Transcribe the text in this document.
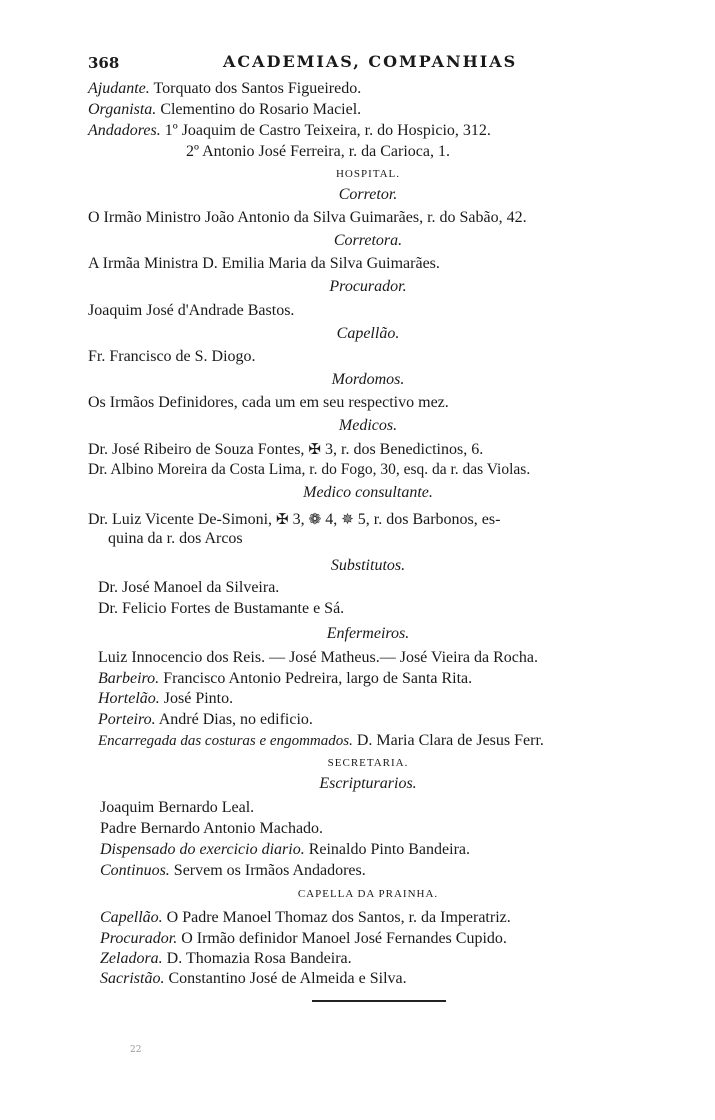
368	ACADEMIAS, COMPANHIAS
Ajudante. Torquato dos Santos Figueiredo.
Organista. Clementino do Rosario Maciel.
Andadores. 1º Joaquim de Castro Teixeira, r. do Hospicio, 312.
2º Antonio José Ferreira, r. da Carioca, 1.
HOSPITAL.
Corretor.
O Irmão Ministro João Antonio da Silva Guimarães, r. do Sabão, 42.
Corretora.
A Irmãa Ministra D. Emilia Maria da Silva Guimarães.
Procurador.
Joaquim José d'Andrade Bastos.
Capellão.
Fr. Francisco de S. Diogo.
Mordomos.
Os Irmãos Definidores, cada um em seu respectivo mez.
Medicos.
Dr. José Ribeiro de Souza Fontes, ✠ 3, r. dos Benedictinos, 6.
Dr. Albino Moreira da Costa Lima, r. do Fogo, 30, esq. da r. das Violas.
Medico consultante.
Dr. Luiz Vicente De-Simoni, ✠ 3, ❁ 4, ✵ 5, r. dos Barbonos, es-
quina da r. dos Arcos
Substitutos.
Dr. José Manoel da Silveira.
Dr. Felicio Fortes de Bustamante e Sá.
Enfermeiros.
Luiz Innocencio dos Reis. — José Matheus.— José Vieira da Rocha.
Barbeiro. Francisco Antonio Pedreira, largo de Santa Rita.
Hortelão. José Pinto.
Porteiro. André Dias, no edificio.
Encarregada das costuras e engommados. D. Maria Clara de Jesus Ferr.
SECRETARIA.
Escripturarios.
Joaquim Bernardo Leal.
Padre Bernardo Antonio Machado.
Dispensado do exercicio diario. Reinaldo Pinto Bandeira.
Continuos. Servem os Irmãos Andadores.
CAPELLA DA PRAINHA.
Capellão. O Padre Manoel Thomaz dos Santos, r. da Imperatriz.
Procurador. O Irmão definidor Manoel José Fernandes Cupido.
Zeladora. D. Thomazia Rosa Bandeira.
Sacristão. Constantino José de Almeida e Silva.
22
